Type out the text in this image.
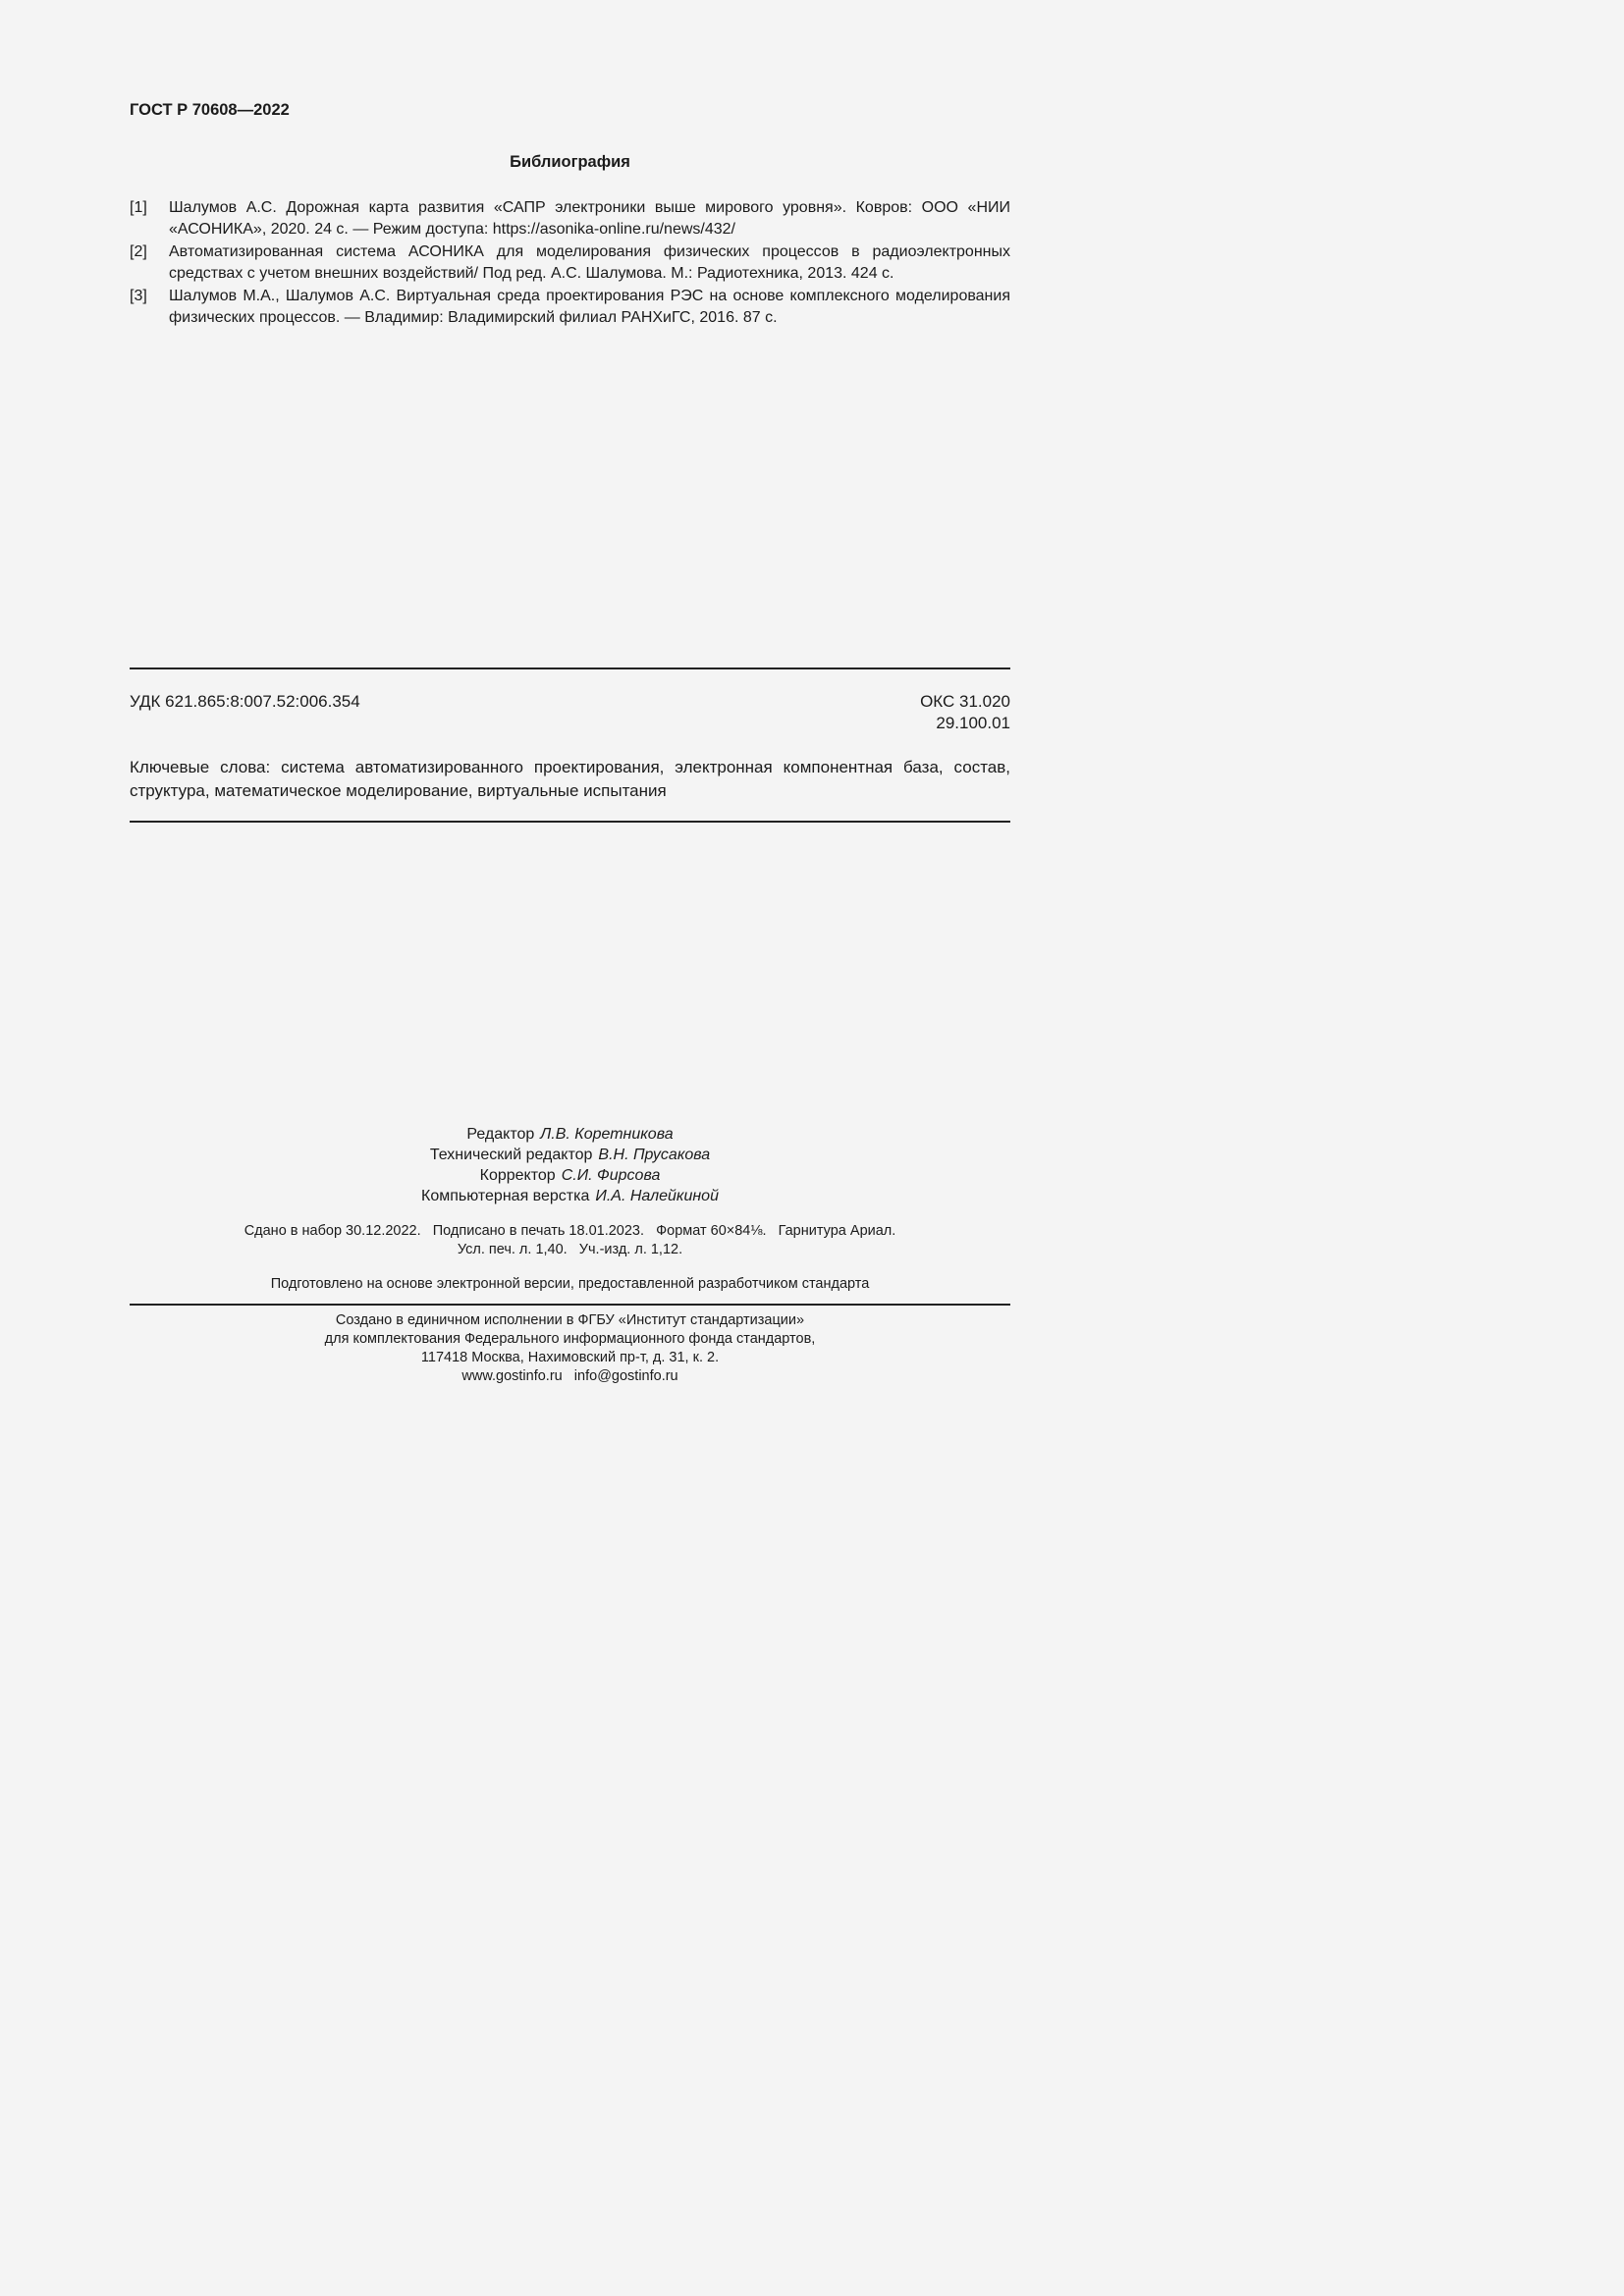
ГОСТ Р 70608—2022
Библиография
[1]	Шалумов А.С. Дорожная карта развития «САПР электроники выше мирового уровня». Ковров: ООО «НИИ «АСОНИКА», 2020. 24 с. — Режим доступа: https://asonika-online.ru/news/432/
[2]	Автоматизированная система АСОНИКА для моделирования физических процессов в радиоэлектронных средствах с учетом внешних воздействий/ Под ред. А.С. Шалумова. М.: Радиотехника, 2013. 424 с.
[3]	Шалумов М.А., Шалумов А.С. Виртуальная среда проектирования РЭС на основе комплексного моделирования физических процессов. — Владимир: Владимирский филиал РАНХиГС, 2016. 87 с.

УДК 621.865:8:007.52:006.354	ОКС 31.020
29.100.01

Ключевые слова: система автоматизированного проектирования, электронная компонентная база, состав, структура, математическое моделирование, виртуальные испытания

Редактор Л.В. Коретникова
Технический редактор В.Н. Прусакова
Корректор С.И. Фирсова
Компьютерная верстка И.А. Налейкиной
Сдано в набор 30.12.2022.   Подписано в печать 18.01.2023.   Формат 60×84⅛.   Гарнитура Ариал.
Усл. печ. л. 1,40.   Уч.-изд. л. 1,12.

Подготовлено на основе электронной версии, предоставленной разработчиком стандарта

Создано в единичном исполнении в ФГБУ «Институт стандартизации»
для комплектования Федерального информационного фонда стандартов,
117418 Москва, Нахимовский пр-т, д. 31, к. 2.
www.gostinfo.ru   info@gostinfo.ru
